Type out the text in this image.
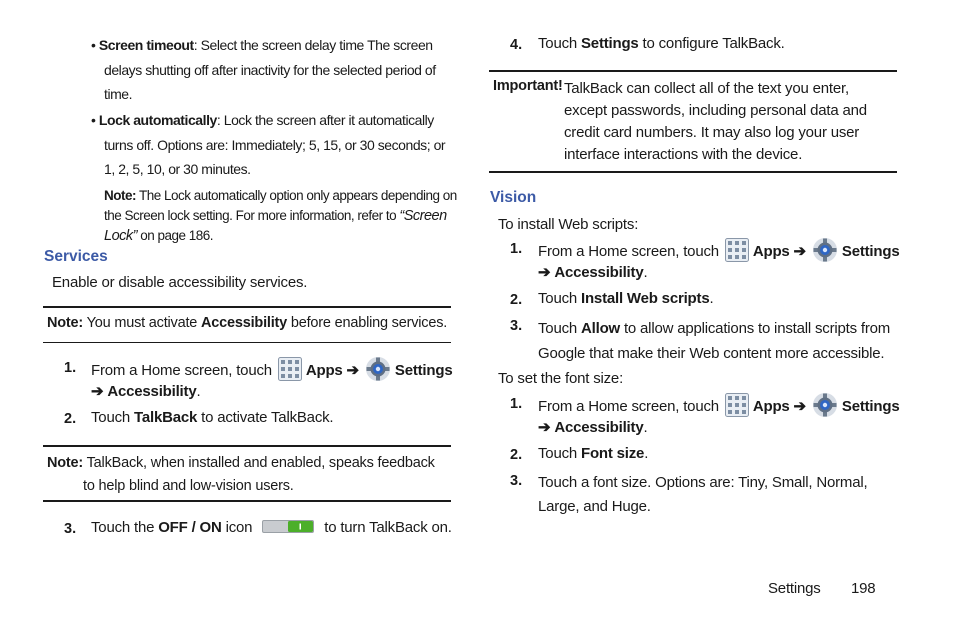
• Screen timeout: Select the screen delay time The screen
delays shutting off after inactivity for the selected period of
time.
• Lock automatically: Lock the screen after it automatically
turns off. Options are: Immediately; 5, 15, or 30 seconds; or
1, 2, 5, 10, or 30 minutes.
Note: The Lock automatically option only appears depending on
the Screen lock setting. For more information, refer to “Screen
Lock” on page 186.
Services
Enable or disable accessibility services.
Note: You must activate Accessibility before enabling services.
1. From a Home screen, touch Apps ➔ Settings
➔ Accessibility.
2. Touch TalkBack to activate TalkBack.
Note: TalkBack, when installed and enabled, speaks feedback
to help blind and low-vision users.
3. Touch the OFF / ON icon	to turn TalkBack on.
4. Touch Settings to configure TalkBack.
Important! TalkBack can collect all of the text you enter,
except passwords, including personal data and
credit card numbers. It may also log your user
interface interactions with the device.
Vision
To install Web scripts:
1. From a Home screen, touch Apps ➔ Settings
➔ Accessibility.
2. Touch Install Web scripts.
3. Touch Allow to allow applications to install scripts from
Google that make their Web content more accessible.
To set the font size:
1. From a Home screen, touch Apps ➔ Settings
➔ Accessibility.
2. Touch Font size.
3. Touch a font size. Options are: Tiny, Small, Normal,
Large, and Huge.
Settings 198
